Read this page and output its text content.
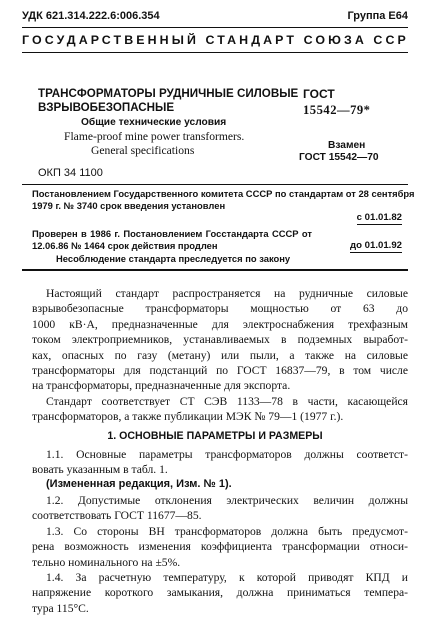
УДК 621.314.222.6:006.354	Группа Е64
ГОСУДАРСТВЕННЫЙ СТАНДАРТ СОЮЗА ССР
ТРАНСФОРМАТОРЫ РУДНИЧНЫЕ СИЛОВЫЕ
ВЗРЫВОБЕЗОПАСНЫЕ
Общие технические условия
Flame-proof mine power transformers.
General specifications
ГОСТ
15542—79*
Взамен
ГОСТ 15542—70
ОКП 34 1100
Постановлением Государственного комитета СССР по стандартам от 28 сентября
1979 г. № 3740 срок введения установлен
с 01.01.82
Проверен в 1986 г. Постановлением Госстандарта СССР от
12.06.86 № 1464 срок действия продлен	до 01.01.92
Несоблюдение стандарта преследуется по закону
Настоящий стандарт распространяется на рудничные силовые
взрывобезопасные трансформаторы мощностью от 63 до
1000 кВ·А, предназначенные для электроснабжения трехфазным
током электроприемников, устанавливаемых в подземных выработ-
ках, опасных по газу (метану) или пыли, а также на силовые
трансформаторы для подстанций по ГОСТ 16837—79, в том числе
на трансформаторы, предназначенные для экспорта.
Стандарт соответствует СТ СЭВ 1133—78 в части, касающейся
трансформаторов, а также публикации МЭК № 79—1 (1977 г.).
1. ОСНОВНЫЕ ПАРАМЕТРЫ И РАЗМЕРЫ
1.1. Основные параметры трансформаторов должны соответст-
вовать указанным в табл. 1.
(Измененная редакция, Изм. № 1).
1.2. Допустимые отклонения электрических величин должны
соответствовать ГОСТ 11677—85.
1.3. Со стороны ВН трансформаторов должна быть предусмот-
рена возможность изменения коэффициента трансформации относи-
тельно номинального на ±5%.
1.4. За расчетную температуру, к которой приводят КПД и
напряжение короткого замыкания, должна приниматься темпера-
тура 115°С.
